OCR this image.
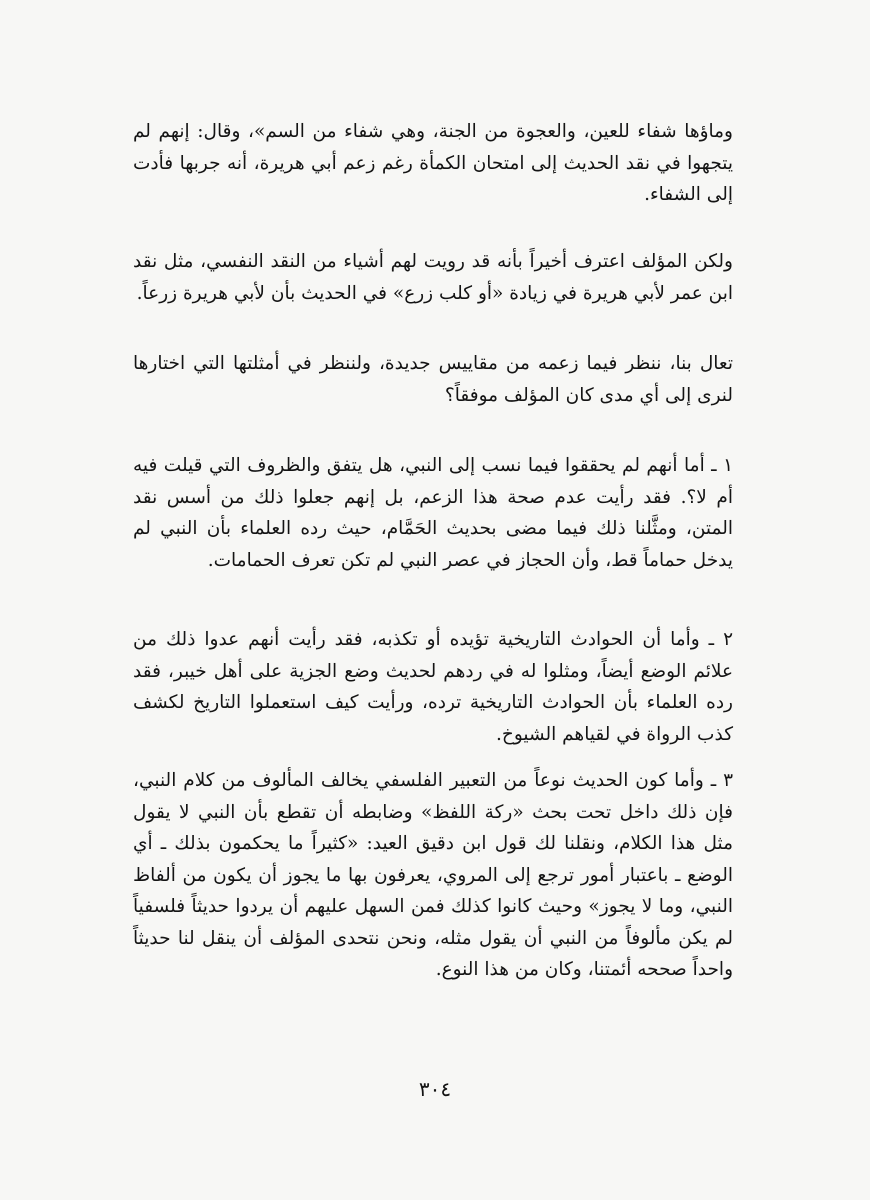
وماؤها شفاء للعين، والعجوة من الجنة، وهي شفاء من السم»، وقال: إنهم لم يتجهوا في نقد الحديث إلى امتحان الكمأة رغم زعم أبي هريرة، أنه جربها فأدت إلى الشفاء.

ولكن المؤلف اعترف أخيراً بأنه قد رويت لهم أشياء من النقد النفسي، مثل نقد ابن عمر لأبي هريرة في زيادة «أو كلب زرع» في الحديث بأن لأبي هريرة زرعاً.

تعال بنا، ننظر فيما زعمه من مقاييس جديدة، ولننظر في أمثلتها التي اختارها لنرى إلى أي مدى كان المؤلف موفقاً؟

١ ـ أما أنهم لم يحققوا فيما نسب إلى النبي، هل يتفق والظروف التي قيلت فيه أم لا؟. فقد رأيت عدم صحة هذا الزعم، بل إنهم جعلوا ذلك من أسس نقد المتن، ومثَّلنا ذلك فيما مضى بحديث الحَمَّام، حيث رده العلماء بأن النبي لم يدخل حماماً قط، وأن الحجاز في عصر النبي لم تكن تعرف الحمامات.

٢ ـ وأما أن الحوادث التاريخية تؤيده أو تكذبه، فقد رأيت أنهم عدوا ذلك من علائم الوضع أيضاً، ومثلوا له في ردهم لحديث وضع الجزية على أهل خيبر، فقد رده العلماء بأن الحوادث التاريخية ترده، ورأيت كيف استعملوا التاريخ لكشف كذب الرواة في لقياهم الشيوخ.

٣ ـ وأما كون الحديث نوعاً من التعبير الفلسفي يخالف المألوف من كلام النبي، فإن ذلك داخل تحت بحث «ركة اللفظ» وضابطه أن تقطع بأن النبي لا يقول مثل هذا الكلام، ونقلنا لك قول ابن دقيق العيد: «كثيراً ما يحكمون بذلك ـ أي الوضع ـ باعتبار أمور ترجع إلى المروي، يعرفون بها ما يجوز أن يكون من ألفاظ النبي، وما لا يجوز» وحيث كانوا كذلك فمن السهل عليهم أن يردوا حديثاً فلسفياً لم يكن مألوفاً من النبي أن يقول مثله، ونحن نتحدى المؤلف أن ينقل لنا حديثاً واحداً صححه أئمتنا، وكان من هذا النوع.

٣٠٤
